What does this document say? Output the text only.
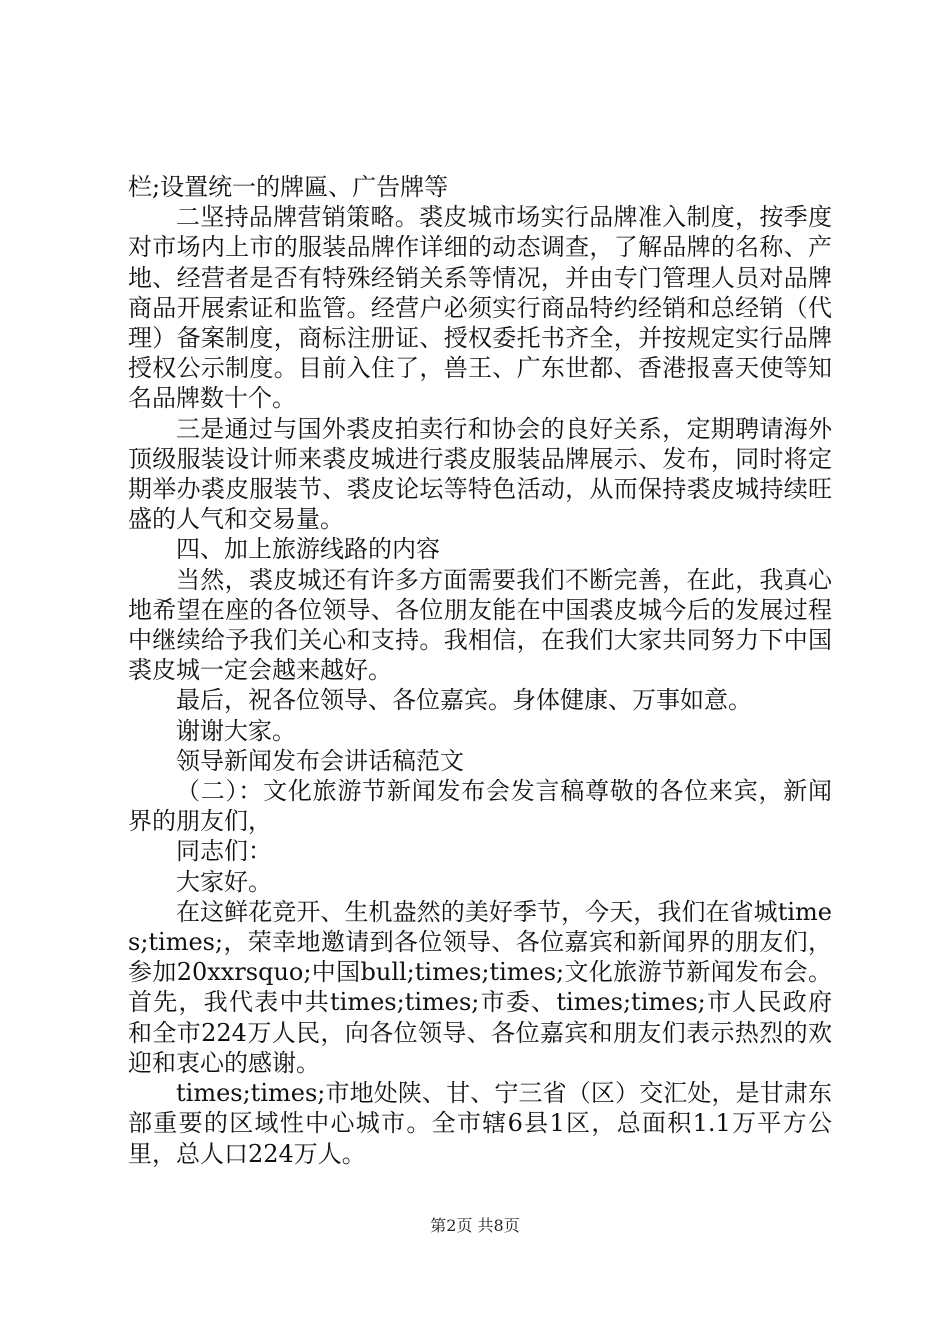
栏;设置统一的牌匾、广告牌等

二坚持品牌营销策略。裘皮城市场实行品牌准入制度，按季度对市场内上市的服装品牌作详细的动态调查，了解品牌的名称、产地、经营者是否有特殊经销关系等情况，并由专门管理人员对品牌商品开展索证和监管。经营户必须实行商品特约经销和总经销（代理）备案制度，商标注册证、授权委托书齐全，并按规定实行品牌授权公示制度。目前入住了，兽王、广东世都、香港报喜天使等知名品牌数十个。

三是通过与国外裘皮拍卖行和协会的良好关系，定期聘请海外顶级服装设计师来裘皮城进行裘皮服装品牌展示、发布，同时将定期举办裘皮服装节、裘皮论坛等特色活动，从而保持裘皮城持续旺盛的人气和交易量。

四、加上旅游线路的内容

当然，裘皮城还有许多方面需要我们不断完善，在此，我真心地希望在座的各位领导、各位朋友能在中国裘皮城今后的发展过程中继续给予我们关心和支持。我相信，在我们大家共同努力下中国裘皮城一定会越来越好。

最后，祝各位领导、各位嘉宾。身体健康、万事如意。

谢谢大家。

领导新闻发布会讲话稿范文

（二）：文化旅游节新闻发布会发言稿尊敬的各位来宾，新闻界的朋友们，

同志们：

大家好。

在这鲜花竞开、生机盎然的美好季节，今天，我们在省城times;times;，荣幸地邀请到各位领导、各位嘉宾和新闻界的朋友们，参加20xxrsquo;中国bull;times;times;文化旅游节新闻发布会。首先，我代表中共times;times;市委、times;times;市人民政府和全市224万人民，向各位领导、各位嘉宾和朋友们表示热烈的欢迎和衷心的感谢。

times;times;市地处陕、甘、宁三省（区）交汇处，是甘肃东部重要的区域性中心城市。全市辖6县1区，总面积1.1万平方公里，总人口224万人。

第2页 共8页
